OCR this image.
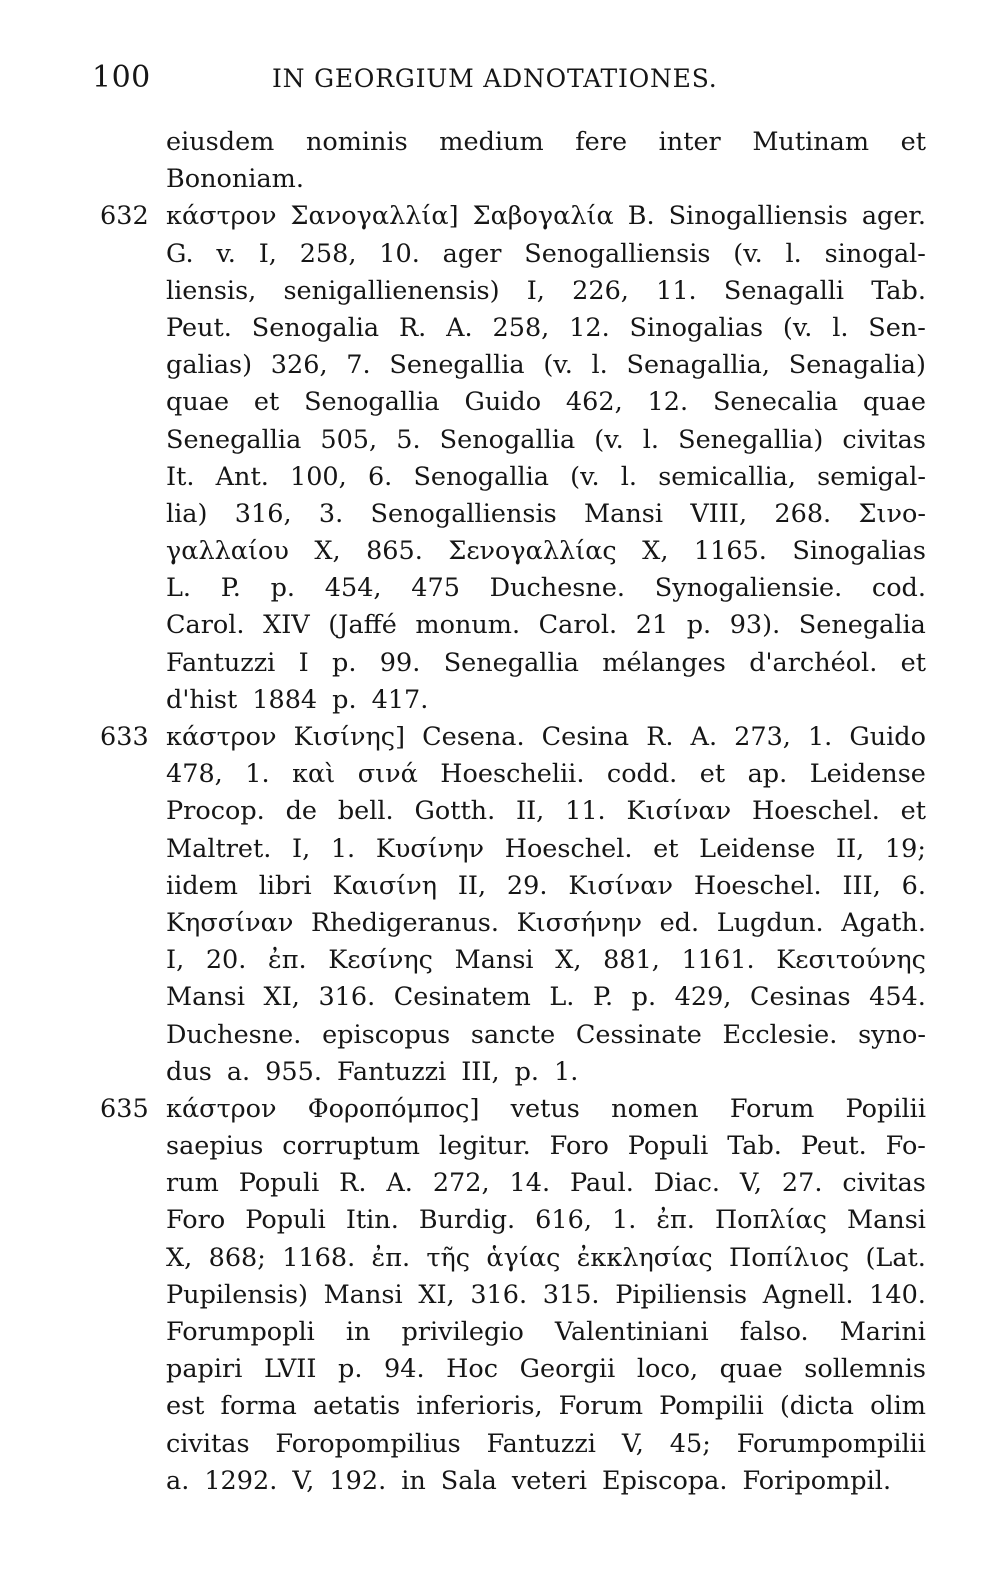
100	IN GEORGIUM ADNOTATIONES.
eiusdem nominis medium fere inter Mutinam et
Bononiam.
632 κάστρον Σανογαλλία] Σαβογαλία B. Sinogalliensis ager.
G. v. I, 258, 10. ager Senogalliensis (v. l. sinogal-
liensis, senigallienensis) I, 226, 11. Senagalli Tab.
Peut. Senogalia R. A. 258, 12. Sinogalias (v. l. Sen-
galias) 326, 7. Senegallia (v. l. Senagallia, Senagalia)
quae et Senogallia Guido 462, 12. Senecalia quae
Senegallia 505, 5. Senogallia (v. l. Senegallia) civitas
It. Ant. 100, 6. Senogallia (v. l. semicallia, semigal-
lia) 316, 3. Senogalliensis Mansi VIII, 268. Σινο-
γαλλαίου X, 865. Σενογαλλίας X, 1165. Sinogalias
L. P. p. 454, 475 Duchesne. Synogaliensie. cod.
Carol. XIV (Jaffé monum. Carol. 21 p. 93). Senegalia
Fantuzzi I p. 99. Senegallia mélanges d'archéol. et
d'hist 1884 p. 417.
633 κάστρον Κισίνης] Cesena. Cesina R. A. 273, 1. Guido
478, 1. καὶ σινά Hoeschelii. codd. et ap. Leidense
Procop. de bell. Gotth. II, 11. Κισίναν Hoeschel. et
Maltret. I, 1. Κυσίνην Hoeschel. et Leidense II, 19;
iidem libri Καισίνη II, 29. Κισίναν Hoeschel. III, 6.
Κησσίναν Rhedigeranus. Κισσήνην ed. Lugdun. Agath.
I, 20. ἐπ. Κεσίνης Mansi X, 881, 1161. Κεσιτούνης
Mansi XI, 316. Cesinatem L. P. p. 429, Cesinas 454.
Duchesne. episcopus sancte Cessinate Ecclesie. syno-
dus a. 955. Fantuzzi III, p. 1.
635 κάστρον Φοροπόμπος] vetus nomen Forum Popilii
saepius corruptum legitur. Foro Populi Tab. Peut. Fo-
rum Populi R. A. 272, 14. Paul. Diac. V, 27. civitas
Foro Populi Itin. Burdig. 616, 1. ἐπ. Ποπλίας Mansi
X, 868; 1168. ἐπ. τῆς ἁγίας ἐκκλησίας Ποπίλιος (Lat.
Pupilensis) Mansi XI, 316. 315. Pipiliensis Agnell. 140.
Forumpopli in privilegio Valentiniani falso. Marini
papiri LVII p. 94. Hoc Georgii loco, quae sollemnis
est forma aetatis inferioris, Forum Pompilii (dicta olim
civitas Foropompilius Fantuzzi V, 45; Forumpompilii
a. 1292. V, 192. in Sala veteri Episcopa. Foripompil.
